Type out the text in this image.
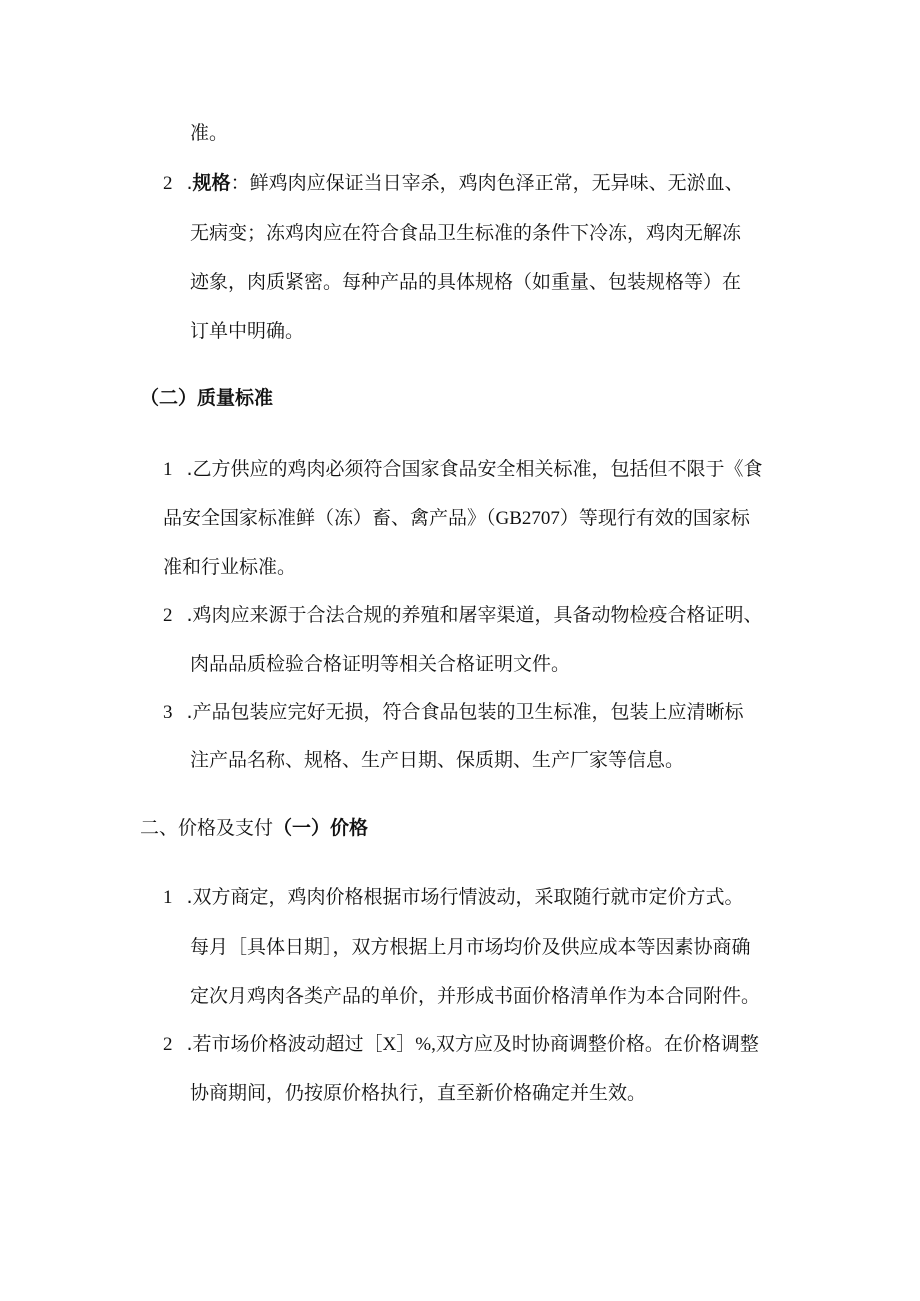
准。
2 .规格：鲜鸡肉应保证当日宰杀，鸡肉色泽正常，无异味、无淤血、
无病变；冻鸡肉应在符合食品卫生标准的条件下冷冻，鸡肉无解冻
迹象，肉质紧密。每种产品的具体规格（如重量、包装规格等）在
订单中明确。
（二）质量标准
1 .乙方供应的鸡肉必须符合国家食品安全相关标准，包括但不限于《食
品安全国家标准鲜（冻）畜、禽产品》（GB2707）等现行有效的国家标
准和行业标准。
2 .鸡肉应来源于合法合规的养殖和屠宰渠道，具备动物检疫合格证明、
肉品品质检验合格证明等相关合格证明文件。
3 .产品包装应完好无损，符合食品包装的卫生标准，包装上应清晰标
注产品名称、规格、生产日期、保质期、生产厂家等信息。
二、价格及支付（一）价格
1 .双方商定，鸡肉价格根据市场行情波动，采取随行就市定价方式。
每月［具体日期］，双方根据上月市场均价及供应成本等因素协商确
定次月鸡肉各类产品的单价，并形成书面价格清单作为本合同附件。
2 .若市场价格波动超过［X］%,双方应及时协商调整价格。在价格调整
协商期间，仍按原价格执行，直至新价格确定并生效。
